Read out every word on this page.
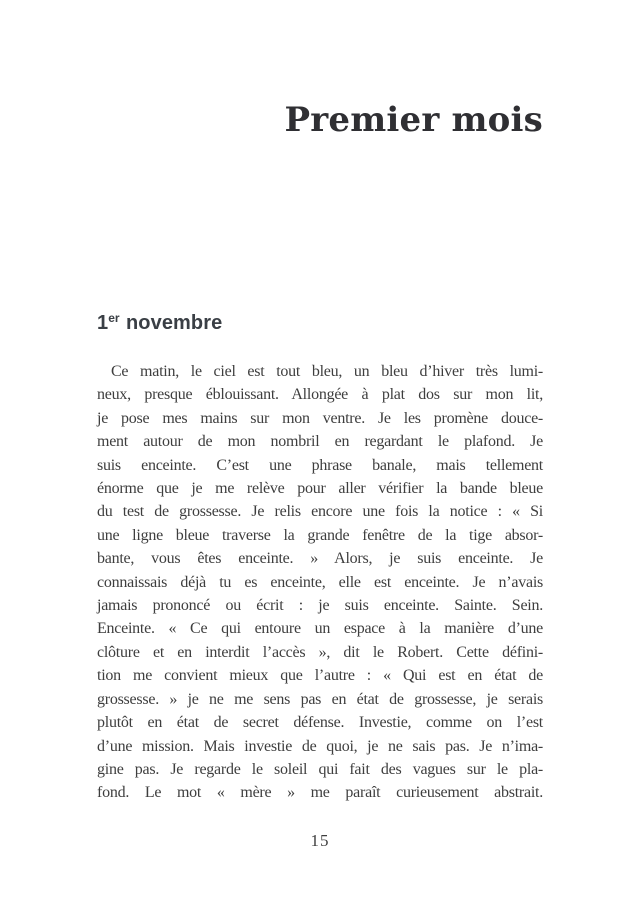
Premier mois
1er novembre
Ce matin, le ciel est tout bleu, un bleu d’hiver très lumi-
neux, presque éblouissant. Allongée à plat dos sur mon lit,
je pose mes mains sur mon ventre. Je les promène douce-
ment autour de mon nombril en regardant le plafond. Je
suis enceinte. C’est une phrase banale, mais tellement
énorme que je me relève pour aller vérifier la bande bleue
du test de grossesse. Je relis encore une fois la notice : « Si
une ligne bleue traverse la grande fenêtre de la tige absor-
bante, vous êtes enceinte. » Alors, je suis enceinte. Je
connaissais déjà tu es enceinte, elle est enceinte. Je n’avais
jamais prononcé ou écrit : je suis enceinte. Sainte. Sein.
Enceinte. « Ce qui entoure un espace à la manière d’une
clôture et en interdit l’accès », dit le Robert. Cette défini-
tion me convient mieux que l’autre : « Qui est en état de
grossesse. » je ne me sens pas en état de grossesse, je serais
plutôt en état de secret défense. Investie, comme on l’est
d’une mission. Mais investie de quoi, je ne sais pas. Je n’ima-
gine pas. Je regarde le soleil qui fait des vagues sur le pla-
fond. Le mot « mère » me paraît curieusement abstrait.
15
